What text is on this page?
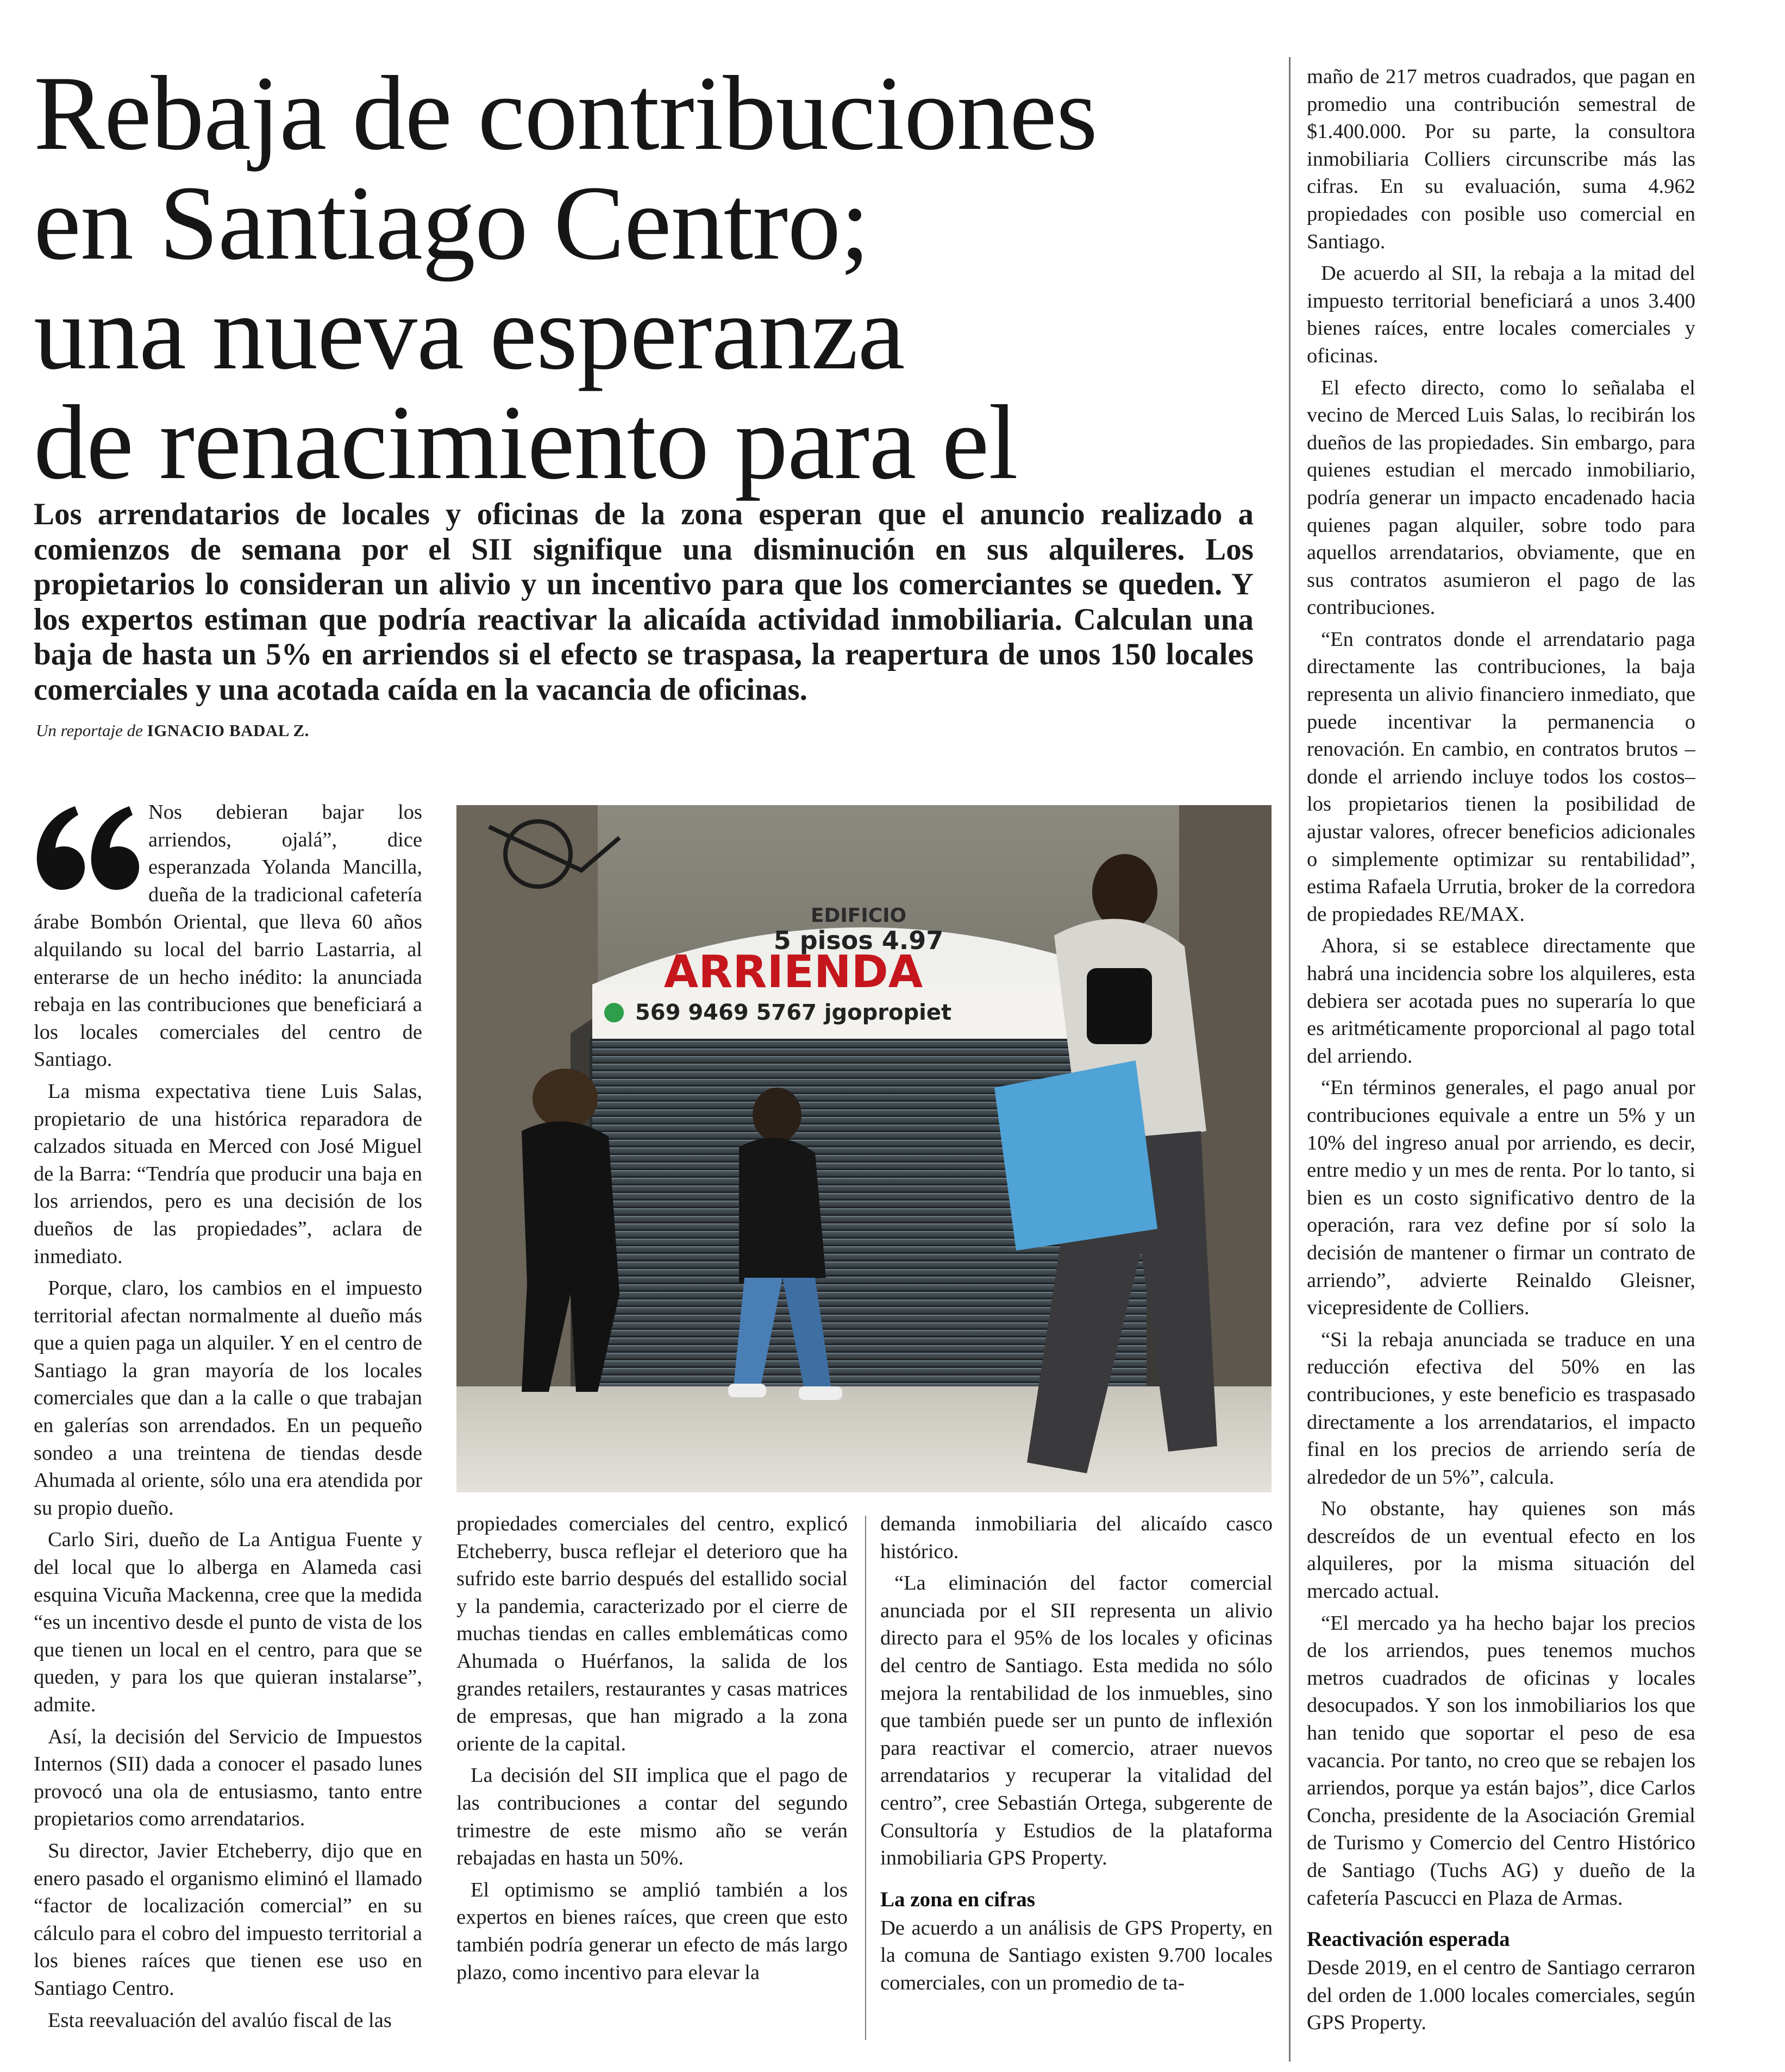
Rebaja de contribuciones
en Santiago Centro;
una nueva esperanza
de renacimiento para el

Los arrendatarios de locales y oficinas de la zona esperan que el anuncio realizado a comienzos de semana por el SII signifique una disminución en sus alquileres. Los propietarios lo consideran un alivio y un incentivo para que los comerciantes se queden. Y los expertos estiman que podría reactivar la alicaída actividad inmobiliaria. Calculan una baja de hasta un 5% en arriendos si el efecto se traspasa, la reapertura de unos 150 locales comerciales y una acotada caída en la vacancia de oficinas.

Un reportaje de IGNACIO BADAL Z.

Nos debieran bajar los arriendos, ojalá”, dice esperanzada Yolanda Mancilla, dueña de la tradicional cafetería árabe Bombón Oriental, que lleva 60 años alquilando su local del barrio Lastarria, al enterarse de un hecho inédito: la anunciada rebaja en las contribuciones que beneficiará a los locales comerciales del centro de Santiago.

La misma expectativa tiene Luis Salas, propietario de una histórica reparadora de calzados situada en Merced con José Miguel de la Barra: “Tendría que producir una baja en los arriendos, pero es una decisión de los dueños de las propiedades”, aclara de inmediato.

Porque, claro, los cambios en el impuesto territorial afectan normalmente al dueño más que a quien paga un alquiler. Y en el centro de Santiago la gran mayoría de los locales comerciales que dan a la calle o que trabajan en galerías son arrendados. En un pequeño sondeo a una treintena de tiendas desde Ahumada al oriente, sólo una era atendida por su propio dueño.

Carlo Siri, dueño de La Antigua Fuente y del local que lo alberga en Alameda casi esquina Vicuña Mackenna, cree que la medida “es un incentivo desde el punto de vista de los que tienen un local en el centro, para que se queden, y para los que quieran instalarse”, admite.

Así, la decisión del Servicio de Impuestos Internos (SII) dada a conocer el pasado lunes provocó una ola de entusiasmo, tanto entre propietarios como arrendatarios.

Su director, Javier Etcheberry, dijo que en enero pasado el organismo eliminó el llamado “factor de localización comercial” en su cálculo para el cobro del impuesto territorial a los bienes raíces que tienen ese uso en Santiago Centro.

Esta reevaluación del avalúo fiscal de las

EDIFICIO
5 pisos 4.97
ARRIENDA
569 9469 5767 jgopropiet

propiedades comerciales del centro, explicó Etcheberry, busca reflejar el deterioro que ha sufrido este barrio después del estallido social y la pandemia, caracterizado por el cierre de muchas tiendas en calles emblemáticas como Ahumada o Huérfanos, la salida de los grandes retailers, restaurantes y casas matrices de empresas, que han migrado a la zona oriente de la capital.

La decisión del SII implica que el pago de las contribuciones a contar del segundo trimestre de este mismo año se verán rebajadas en hasta un 50%.

El optimismo se amplió también a los expertos en bienes raíces, que creen que esto también podría generar un efecto de más largo plazo, como incentivo para elevar la

demanda inmobiliaria del alicaído casco histórico.

“La eliminación del factor comercial anunciada por el SII representa un alivio directo para el 95% de los locales y oficinas del centro de Santiago. Esta medida no sólo mejora la rentabilidad de los inmuebles, sino que también puede ser un punto de inflexión para reactivar el comercio, atraer nuevos arrendatarios y recuperar la vitalidad del centro”, cree Sebastián Ortega, subgerente de Consultoría y Estudios de la plataforma inmobiliaria GPS Property.

La zona en cifras

De acuerdo a un análisis de GPS Property, en la comuna de Santiago existen 9.700 locales comerciales, con un promedio de ta-

maño de 217 metros cuadrados, que pagan en promedio una contribución semestral de $1.400.000. Por su parte, la consultora inmobiliaria Colliers circunscribe más las cifras. En su evaluación, suma 4.962 propiedades con posible uso comercial en Santiago.

De acuerdo al SII, la rebaja a la mitad del impuesto territorial beneficiará a unos 3.400 bienes raíces, entre locales comerciales y oficinas.

El efecto directo, como lo señalaba el vecino de Merced Luis Salas, lo recibirán los dueños de las propiedades. Sin embargo, para quienes estudian el mercado inmobiliario, podría generar un impacto encadenado hacia quienes pagan alquiler, sobre todo para aquellos arrendatarios, obviamente, que en sus contratos asumieron el pago de las contribuciones.

“En contratos donde el arrendatario paga directamente las contribuciones, la baja representa un alivio financiero inmediato, que puede incentivar la permanencia o renovación. En cambio, en contratos brutos –donde el arriendo incluye todos los costos– los propietarios tienen la posibilidad de ajustar valores, ofrecer beneficios adicionales o simplemente optimizar su rentabilidad”, estima Rafaela Urrutia, broker de la corredora de propiedades RE/MAX.

Ahora, si se establece directamente que habrá una incidencia sobre los alquileres, esta debiera ser acotada pues no superaría lo que es aritméticamente proporcional al pago total del arriendo.

“En términos generales, el pago anual por contribuciones equivale a entre un 5% y un 10% del ingreso anual por arriendo, es decir, entre medio y un mes de renta. Por lo tanto, si bien es un costo significativo dentro de la operación, rara vez define por sí solo la decisión de mantener o firmar un contrato de arriendo”, advierte Reinaldo Gleisner, vicepresidente de Colliers.

“Si la rebaja anunciada se traduce en una reducción efectiva del 50% en las contribuciones, y este beneficio es traspasado directamente a los arrendatarios, el impacto final en los precios de arriendo sería de alrededor de un 5%”, calcula.

No obstante, hay quienes son más descreídos de un eventual efecto en los alquileres, por la misma situación del mercado actual.

“El mercado ya ha hecho bajar los precios de los arriendos, pues tenemos muchos metros cuadrados de oficinas y locales desocupados. Y son los inmobiliarios los que han tenido que soportar el peso de esa vacancia. Por tanto, no creo que se rebajen los arriendos, porque ya están bajos”, dice Carlos Concha, presidente de la Asociación Gremial de Turismo y Comercio del Centro Histórico de Santiago (Tuchs AG) y dueño de la cafetería Pascucci en Plaza de Armas.

Reactivación esperada

Desde 2019, en el centro de Santiago cerraron del orden de 1.000 locales comerciales, según GPS Property.
